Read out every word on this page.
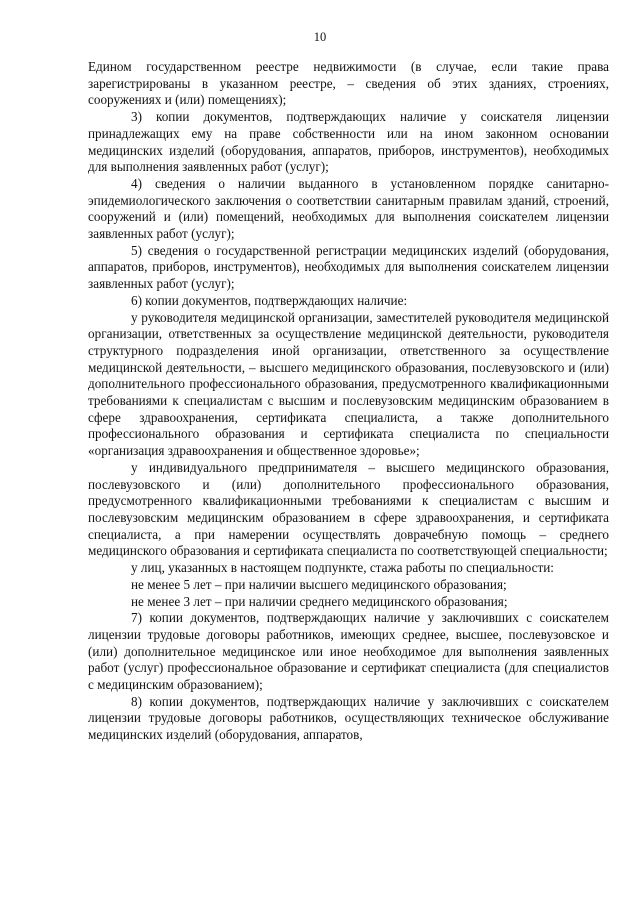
10

Едином государственном реестре недвижимости (в случае, если такие права зарегистрированы в указанном реестре, – сведения об этих зданиях, строениях, сооружениях и (или) помещениях);

3) копии документов, подтверждающих наличие у соискателя лицензии принадлежащих ему на праве собственности или на ином законном основании медицинских изделий (оборудования, аппаратов, приборов, инструментов), необходимых для выполнения заявленных работ (услуг);

4) сведения о наличии выданного в установленном порядке санитарно-эпидемиологического заключения о соответствии санитарным правилам зданий, строений, сооружений и (или) помещений, необходимых для выполнения соискателем лицензии заявленных работ (услуг);

5) сведения о государственной регистрации медицинских изделий (оборудования, аппаратов, приборов, инструментов), необходимых для выполнения соискателем лицензии заявленных работ (услуг);

6) копии документов, подтверждающих наличие:

у руководителя медицинской организации, заместителей руководителя медицинской организации, ответственных за осуществление медицинской деятельности, руководителя структурного подразделения иной организации, ответственного за осуществление медицинской деятельности, – высшего медицинского образования, послевузовского и (или) дополнительного профессионального образования, предусмотренного квалификационными требованиями к специалистам с высшим и послевузовским медицинским образованием в сфере здравоохранения, сертификата специалиста, а также дополнительного профессионального образования и сертификата специалиста по специальности «организация здравоохранения и общественное здоровье»;

у индивидуального предпринимателя – высшего медицинского образования, послевузовского и (или) дополнительного профессионального образования, предусмотренного квалификационными требованиями к специалистам с высшим и послевузовским медицинским образованием в сфере здравоохранения, и сертификата специалиста, а при намерении осуществлять доврачебную помощь – среднего медицинского образования и сертификата специалиста по соответствующей специальности;

у лиц, указанных в настоящем подпункте, стажа работы по специальности:

не менее 5 лет – при наличии высшего медицинского образования;

не менее 3 лет – при наличии среднего медицинского образования;

7) копии документов, подтверждающих наличие у заключивших с соискателем лицензии трудовые договоры работников, имеющих среднее, высшее, послевузовское и (или) дополнительное медицинское или иное необходимое для выполнения заявленных работ (услуг) профессиональное образование и сертификат специалиста (для специалистов с медицинским образованием);

8) копии документов, подтверждающих наличие у заключивших с соискателем лицензии трудовые договоры работников, осуществляющих техническое обслуживание медицинских изделий (оборудования, аппаратов,
